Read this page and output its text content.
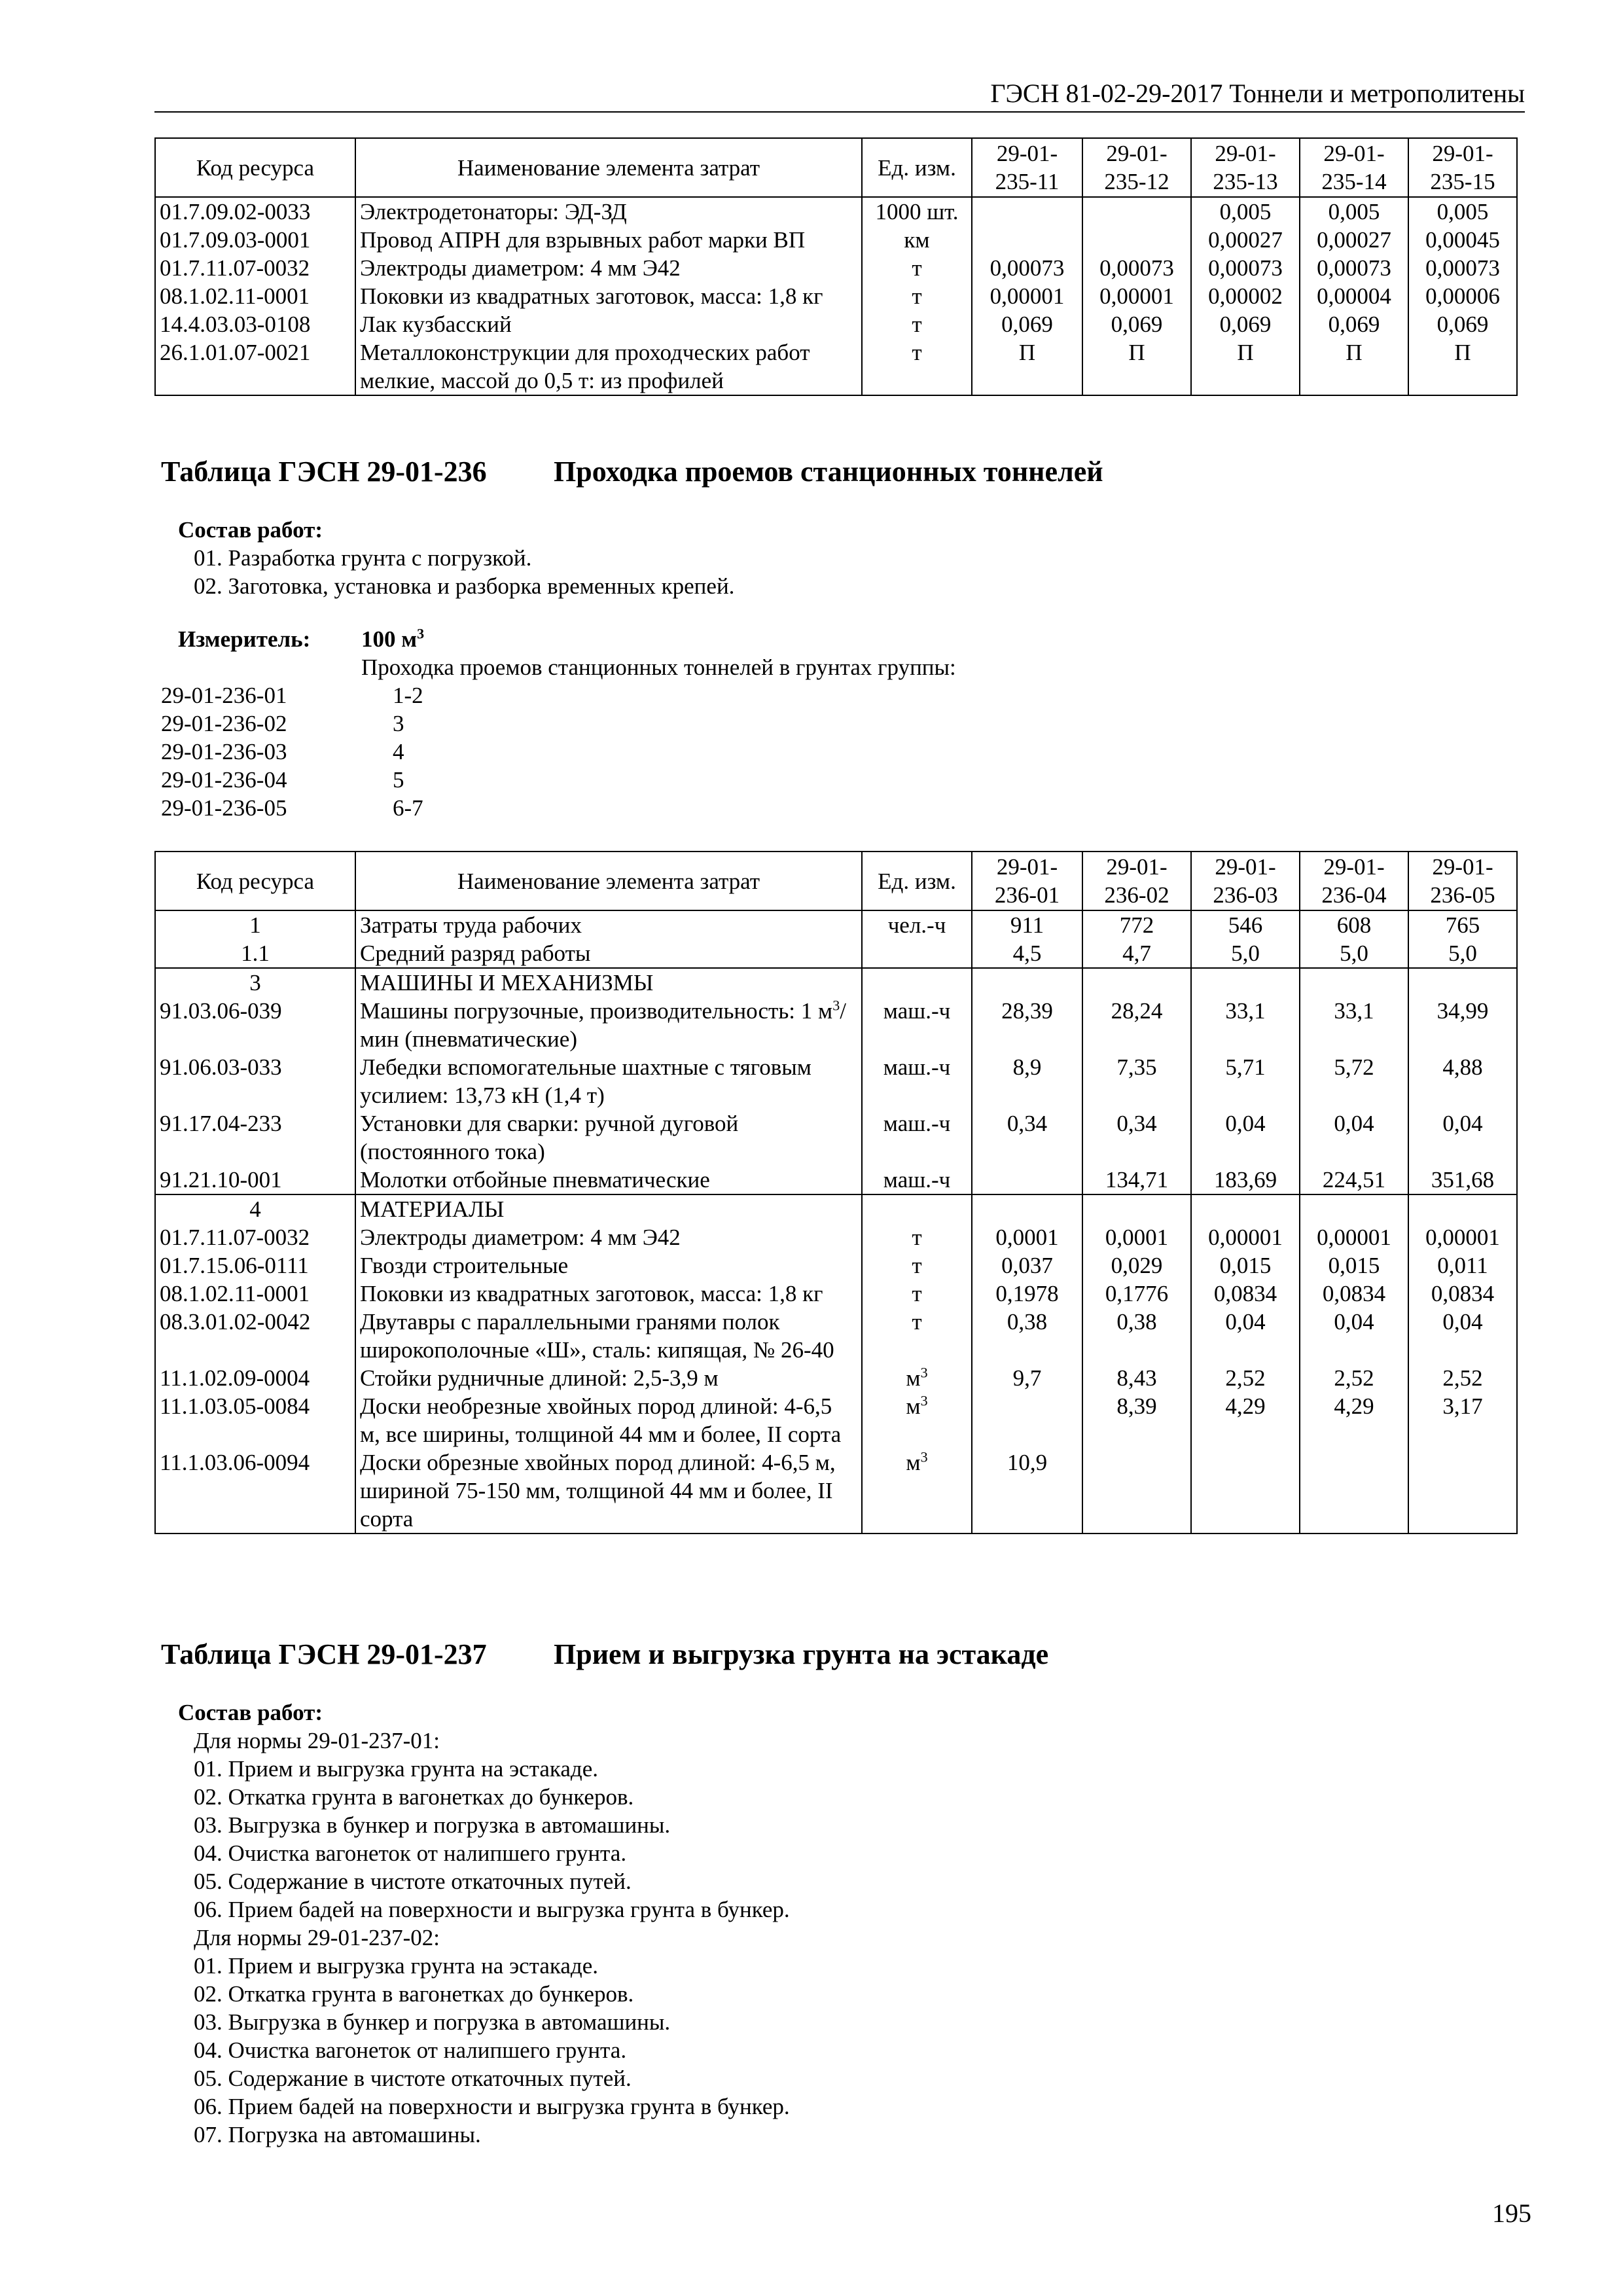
ГЭСН 81-02-29-2017 Тоннели и метрополитены
Код ресурса	Наименование элемента затрат	Ед. изм.	29-01-235-11	29-01-235-12	29-01-235-13	29-01-235-14	29-01-235-15
01.7.09.02-0033	Электродетонаторы: ЭД-ЗД	1000 шт.			0,005	0,005	0,005
01.7.09.03-0001	Провод АПРН для взрывных работ марки ВП	км			0,00027	0,00027	0,00045
01.7.11.07-0032	Электроды диаметром: 4 мм Э42	т	0,00073	0,00073	0,00073	0,00073	0,00073
08.1.02.11-0001	Поковки из квадратных заготовок, масса: 1,8 кг	т	0,00001	0,00001	0,00002	0,00004	0,00006
14.4.03.03-0108	Лак кузбасский	т	0,069	0,069	0,069	0,069	0,069
26.1.01.07-0021	Металлоконструкции для проходческих работ мелкие, массой до 0,5 т: из профилей	т	П	П	П	П	П
Таблица ГЭСН 29-01-236 Проходка проемов станционных тоннелей
Состав работ:
01. Разработка грунта с погрузкой.
02. Заготовка, установка и разборка временных крепей.
Измеритель: 100 $м^3$
Проходка проемов станционных тоннелей в грунтах группы:
29-01-236-01	1-2
29-01-236-02	3
29-01-236-03	4
29-01-236-04	5
29-01-236-05	6-7
Код ресурса	Наименование элемента затрат	Ед. изм.	29-01-236-01	29-01-236-02	29-01-236-03	29-01-236-04	29-01-236-05
1	Затраты труда рабочих	чел.-ч	911	772	546	608	765
1.1	Средний разряд работы		4,5	4,7	5,0	5,0	5,0
3	МАШИНЫ И МЕХАНИЗМЫ						
91.03.06-039	Машины погрузочные, производительность: 1 $м^3$/мин (пневматические)	маш.-ч	28,39	28,24	33,1	33,1	34,99
91.06.03-033	Лебедки вспомогательные шахтные с тяговым усилием: 13,73 кН (1,4 т)	маш.-ч	8,9	7,35	5,71	5,72	4,88
91.17.04-233	Установки для сварки: ручной дуговой (постоянного тока)	маш.-ч	0,34	0,34	0,04	0,04	0,04
91.21.10-001	Молотки отбойные пневматические	маш.-ч		134,71	183,69	224,51	351,68
4	МАТЕРИАЛЫ						
01.7.11.07-0032	Электроды диаметром: 4 мм Э42	т	0,0001	0,0001	0,00001	0,00001	0,00001
01.7.15.06-0111	Гвозди строительные	т	0,037	0,029	0,015	0,015	0,011
08.1.02.11-0001	Поковки из квадратных заготовок, масса: 1,8 кг	т	0,1978	0,1776	0,0834	0,0834	0,0834
08.3.01.02-0042	Двутавры с параллельными гранями полок широкополочные «Ш», сталь: кипящая, № 26-40	т	0,38	0,38	0,04	0,04	0,04
11.1.02.09-0004	Стойки рудничные длиной: 2,5-3,9 м	$м^3$	9,7	8,43	2,52	2,52	2,52
11.1.03.05-0084	Доски необрезные хвойных пород длиной: 4-6,5 м, все ширины, толщиной 44 мм и более, II сорта	$м^3$		8,39	4,29	4,29	3,17
11.1.03.06-0094	Доски обрезные хвойных пород длиной: 4-6,5 м, шириной 75-150 мм, толщиной 44 мм и более, II сорта	$м^3$	10,9				
Таблица ГЭСН 29-01-237 Прием и выгрузка грунта на эстакаде
Состав работ:
Для нормы 29-01-237-01:
01. Прием и выгрузка грунта на эстакаде.
02. Откатка грунта в вагонетках до бункеров.
03. Выгрузка в бункер и погрузка в автомашины.
04. Очистка вагонеток от налипшего грунта.
05. Содержание в чистоте откаточных путей.
06. Прием бадей на поверхности и выгрузка грунта в бункер.
Для нормы 29-01-237-02:
01. Прием и выгрузка грунта на эстакаде.
02. Откатка грунта в вагонетках до бункеров.
03. Выгрузка в бункер и погрузка в автомашины.
04. Очистка вагонеток от налипшего грунта.
05. Содержание в чистоте откаточных путей.
06. Прием бадей на поверхности и выгрузка грунта в бункер.
07. Погрузка на автомашины.
195
